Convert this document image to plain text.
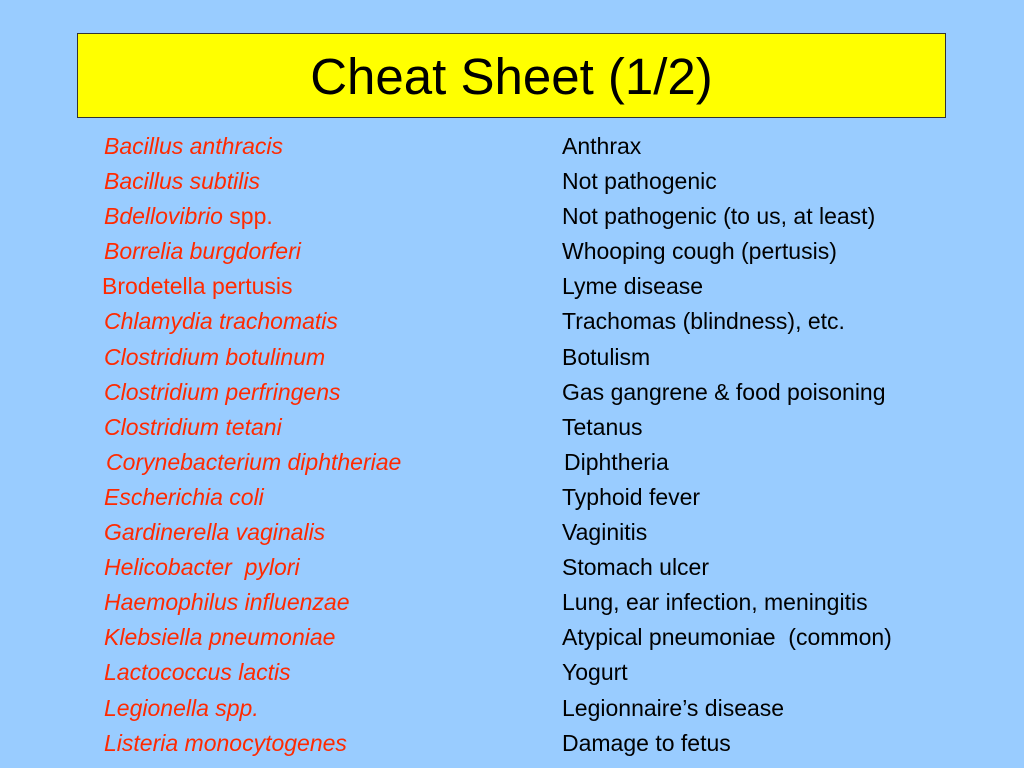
Cheat Sheet (1/2)
Bacillus anthracis	Anthrax
Bacillus subtilis	Not pathogenic
Bdellovibrio spp.	Not pathogenic (to us, at least)
Borrelia burgdorferi	Whooping cough (pertusis)
Brodetella pertusis	Lyme disease
Chlamydia trachomatis	Trachomas (blindness), etc.
Clostridium botulinum	Botulism
Clostridium perfringens	Gas gangrene & food poisoning
Clostridium tetani	Tetanus
Corynebacterium diphtheriae	Diphtheria
Escherichia coli	Typhoid fever
Gardinerella vaginalis	Vaginitis
Helicobacter  pylori	Stomach ulcer
Haemophilus influenzae	Lung, ear infection, meningitis
Klebsiella pneumoniae	Atypical pneumoniae  (common)
Lactococcus lactis	Yogurt
Legionella spp.	Legionnaire’s disease
Listeria monocytogenes	Damage to fetus
